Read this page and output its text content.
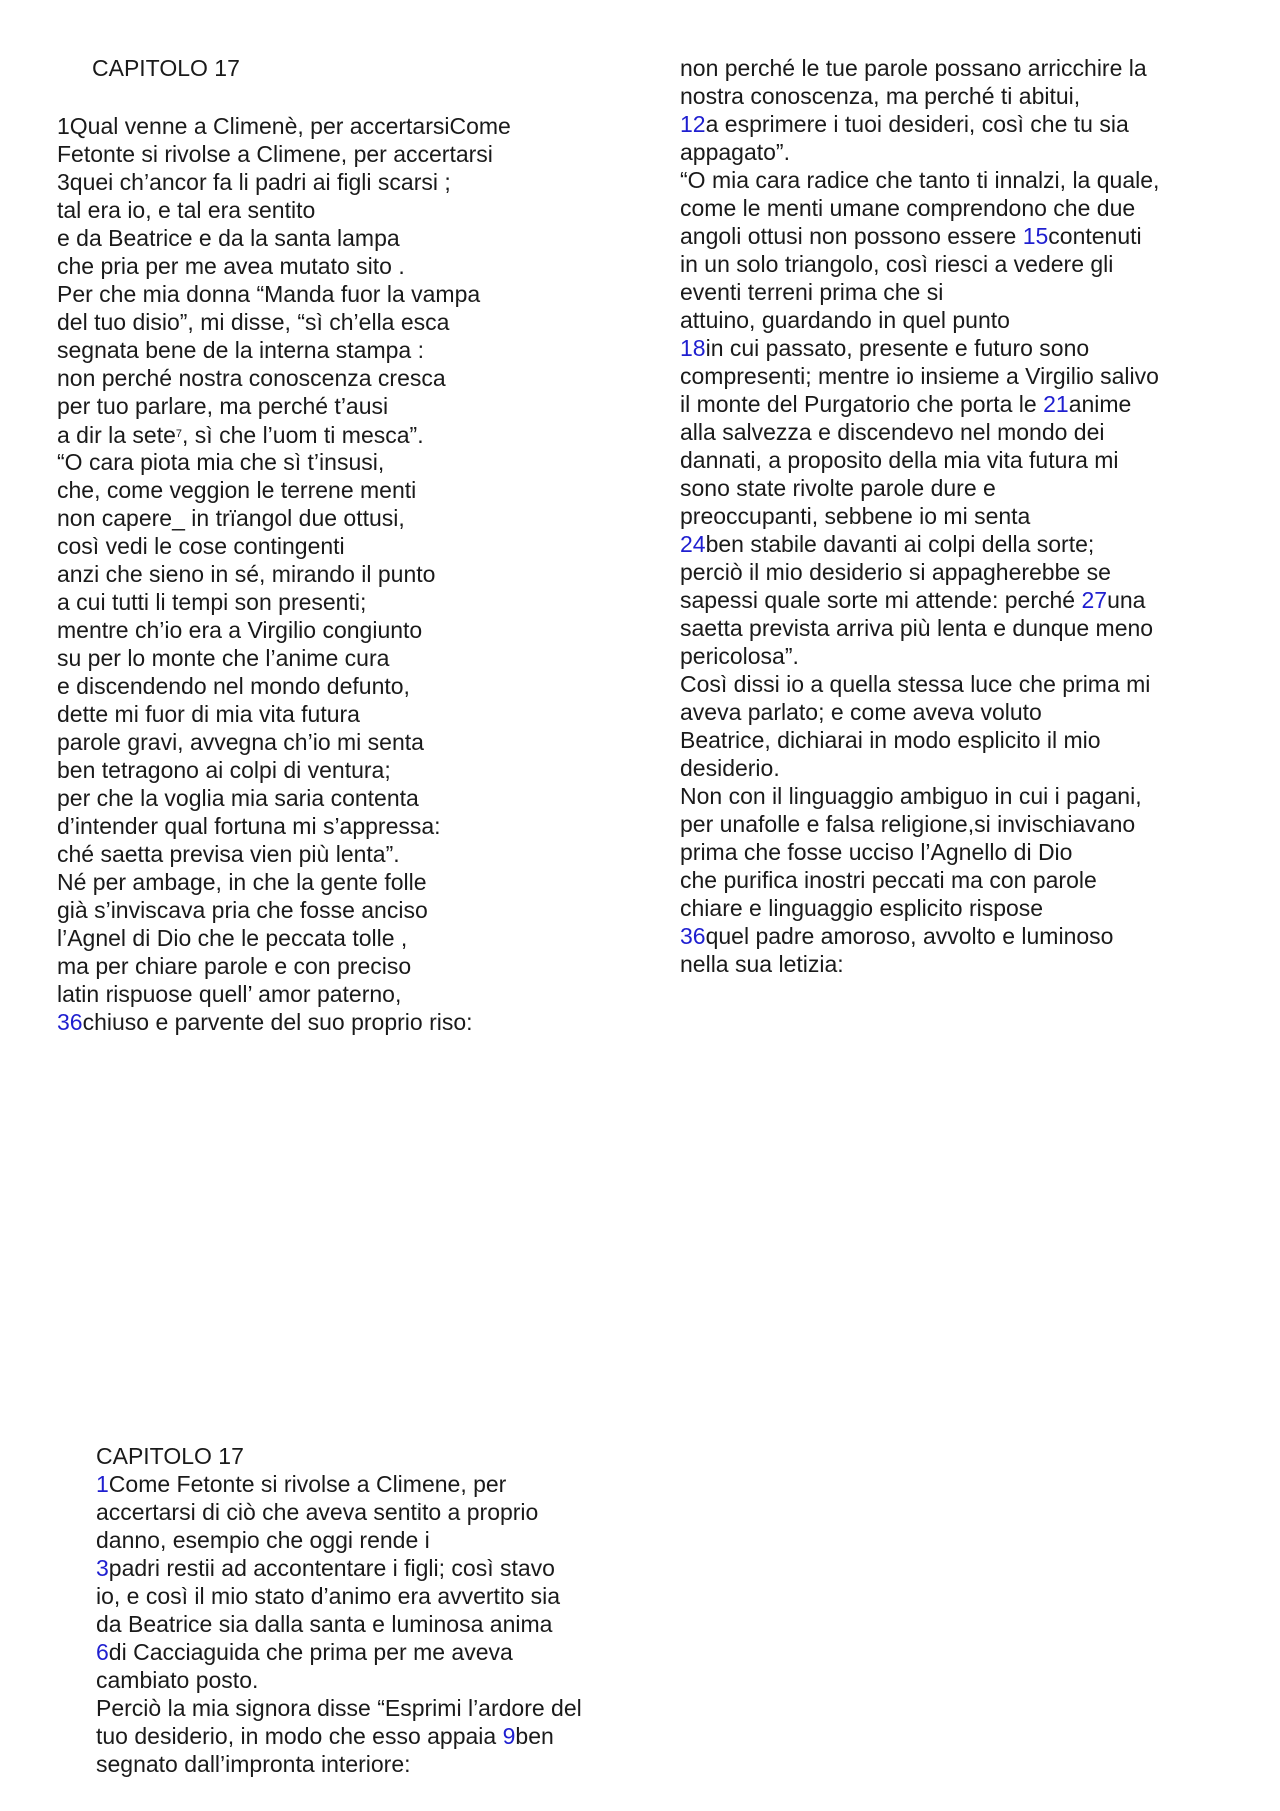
CAPITOLO 17
1Qual venne a Climenè, per accertarsiCome
Fetonte si rivolse a Climene, per accertarsi
3quei ch’ancor fa li padri ai figli scarsi ;
tal era io, e tal era sentito
e da Beatrice e da la santa lampa
che pria per me avea mutato sito .
Per che mia donna “Manda fuor la vampa
del tuo disio”, mi disse, “sì ch’ella esca
segnata bene de la interna stampa :
non perché nostra conoscenza cresca
per tuo parlare, ma perché t’ausi
a dir la sete$^7$, sì che l’uom ti mesca”.
“O cara piota mia che sì t’insusi,
che, come veggion le terrene menti
non capere_ in trïangol due ottusi,
così vedi le cose contingenti
anzi che sieno in sé, mirando il punto
a cui tutti li tempi son presenti;
mentre ch’io era a Virgilio congiunto
su per lo monte che l’anime cura
e discendendo nel mondo defunto,
dette mi fuor di mia vita futura
parole gravi, avvegna ch’io mi senta
ben tetragono ai colpi di ventura;
per che la voglia mia saria contenta
d’intender qual fortuna mi s’appressa:
ché saetta previsa vien più lenta”.
Né per ambage, in che la gente folle
già s’inviscava pria che fosse anciso
l’Agnel di Dio che le peccata tolle ,
ma per chiare parole e con preciso
latin rispuose quell’ amor paterno,
36chiuso e parvente del suo proprio riso:
non perché le tue parole possano arricchire la
nostra conoscenza, ma perché ti abitui,
12a esprimere i tuoi desideri, così che tu sia
appagato”.
“O mia cara radice che tanto ti innalzi, la quale,
come le menti umane comprendono che due
angoli ottusi non possono essere 15contenuti
in un solo triangolo, così riesci a vedere gli
eventi terreni prima che si
attuino, guardando in quel punto
18in cui passato, presente e futuro sono
compresenti; mentre io insieme a Virgilio salivo
il monte del Purgatorio che porta le 21anime
alla salvezza e discendevo nel mondo dei
dannati, a proposito della mia vita futura mi
sono state rivolte parole dure e
preoccupanti, sebbene io mi senta
24ben stabile davanti ai colpi della sorte;
perciò il mio desiderio si appagherebbe se
sapessi quale sorte mi attende: perché 27una
saetta prevista arriva più lenta e dunque meno
pericolosa”.
Così dissi io a quella stessa luce che prima mi
aveva parlato; e come aveva voluto
Beatrice, dichiarai in modo esplicito il mio
desiderio.
Non con il linguaggio ambiguo in cui i pagani,
per unafolle e falsa religione,si invischiavano
prima che fosse ucciso l’Agnello di Dio
che purifica inostri peccati ma con parole
chiare e linguaggio esplicito rispose
36quel padre amoroso, avvolto e luminoso
nella sua letizia:
CAPITOLO 17
1Come Fetonte si rivolse a Climene, per
accertarsi di ciò che aveva sentito a proprio
danno, esempio che oggi rende i
3padri restii ad accontentare i figli; così stavo
io, e così il mio stato d’animo era avvertito sia
da Beatrice sia dalla santa e luminosa anima
6di Cacciaguida che prima per me aveva
cambiato posto.
Perciò la mia signora disse “Esprimi l’ardore del
tuo desiderio, in modo che esso appaia 9ben
segnato dall’impronta interiore:
